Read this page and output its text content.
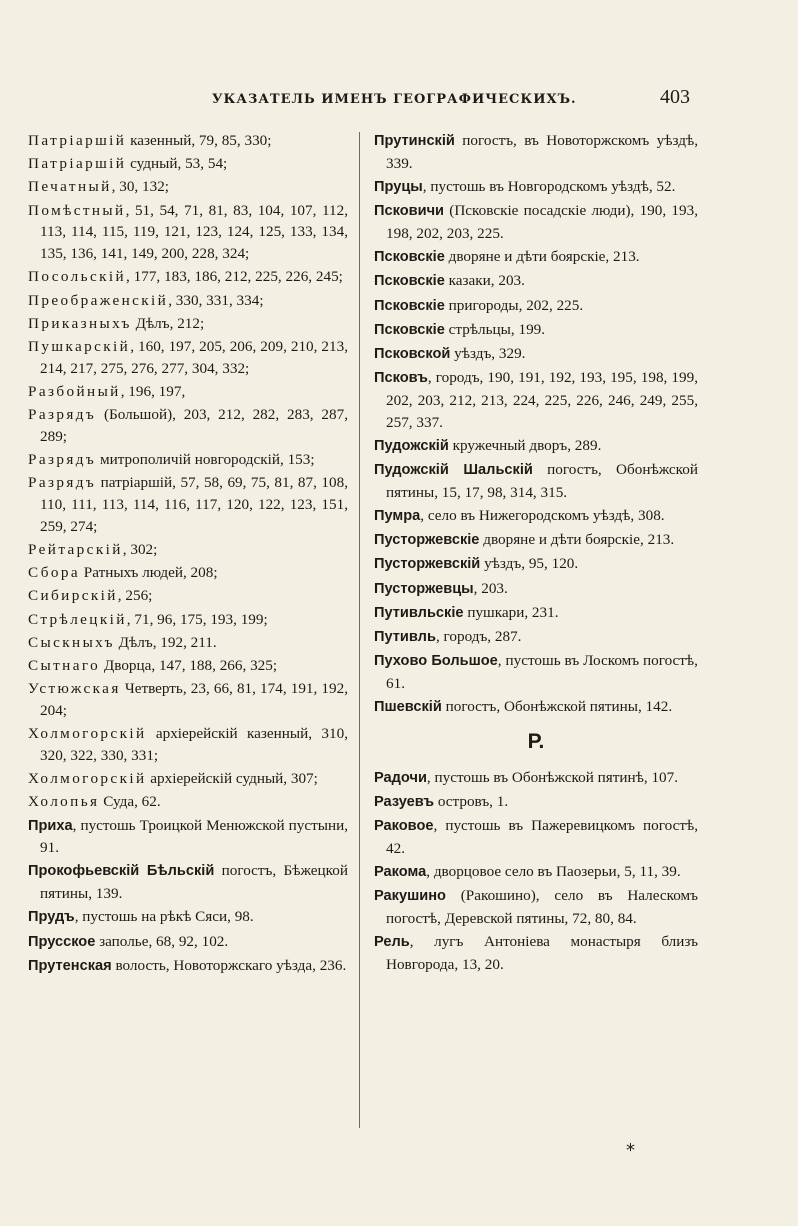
УКАЗАТЕЛЬ ИМЕНЪ ГЕОГРАФИЧЕСКИХЪ.	403
Патріаршій казенный, 79, 85, 330;
Патріаршій судный, 53, 54;
Печатный, 30, 132;
Помѣстный, 51, 54, 71, 81, 83, 104, 107, 112, 113, 114, 115, 119, 121, 123, 124, 125, 133, 134, 135, 136, 141, 149, 200, 228, 324;
Посольскій, 177, 183, 186, 212, 225, 226, 245;
Преображенскій, 330, 331, 334;
Приказныхъ Дѣлъ, 212;
Пушкарскій, 160, 197, 205, 206, 209, 210, 213, 214, 217, 275, 276, 277, 304, 332;
Разбойный, 196, 197,
Разрядъ (Большой), 203, 212, 282, 283, 287, 289;
Разрядъ митрополичій новгородскій, 153;
Разрядъ патріаршій, 57, 58, 69, 75, 81, 87, 108, 110, 111, 113, 114, 116, 117, 120, 122, 123, 151, 259, 274;
Рейтарскій, 302;
Сбора Ратныхъ людей, 208;
Сибирскій, 256;
Стрѣлецкій, 71, 96, 175, 193, 199;
Сыскныхъ Дѣлъ, 192, 211.
Сытнаго Дворца, 147, 188, 266, 325;
Устюжская Четверть, 23, 66, 81, 174, 191, 192, 204;
Холмогорскій архіерейскій казенный, 310, 320, 322, 330, 331;
Холмогорскій архіерейскій судный, 307;
Холопья Суда, 62.
Приха, пустошь Троицкой Менюжской пустыни, 91.
Прокофьевскій Бѣльскій погостъ, Бѣжецкой пятины, 139.
Прудъ, пустошь на рѣкѣ Сяси, 98.
Прусское заполье, 68, 92, 102.
Прутенская волость, Новоторжскаго уѣзда, 236.
Прутинскій погостъ, въ Новоторжскомъ уѣздѣ, 339.
Пруцы, пустошь въ Новгородскомъ уѣздѣ, 52.
Псковичи (Псковскіе посадскіе люди), 190, 193, 198, 202, 203, 225.
Псковскіе дворяне и дѣти боярскіе, 213.
Псковскіе казаки, 203.
Псковскіе пригороды, 202, 225.
Псковскіе стрѣльцы, 199.
Псковской уѣздъ, 329.
Псковъ, городъ, 190, 191, 192, 193, 195, 198, 199, 202, 203, 212, 213, 224, 225, 226, 246, 249, 255, 257, 337.
Пудожскій кружечный дворъ, 289.
Пудожскій Шальскій погостъ, Обонѣжской пятины, 15, 17, 98, 314, 315.
Пумра, село въ Нижегородскомъ уѣздѣ, 308.
Пусторжевскіе дворяне и дѣти боярскіе, 213.
Пусторжевскій уѣздъ, 95, 120.
Пусторжевцы, 203.
Путивльскіе пушкари, 231.
Путивль, городъ, 287.
Пухово Большое, пустошь въ Лоскомъ погостѣ, 61.
Пшевскій погостъ, Обонѣжской пятины, 142.
Р.
Радочи, пустошь въ Обонѣжской пятинѣ, 107.
Разуевъ островъ, 1.
Раковое, пустошь въ Пажеревицкомъ погостѣ, 42.
Ракома, дворцовое село въ Паозерьи, 5, 11, 39.
Ракушино (Ракошино), село въ Налескомъ погостѣ, Деревской пятины, 72, 80, 84.
Рель, лугъ Антоніева монастыря близъ Новгорода, 13, 20.
*
